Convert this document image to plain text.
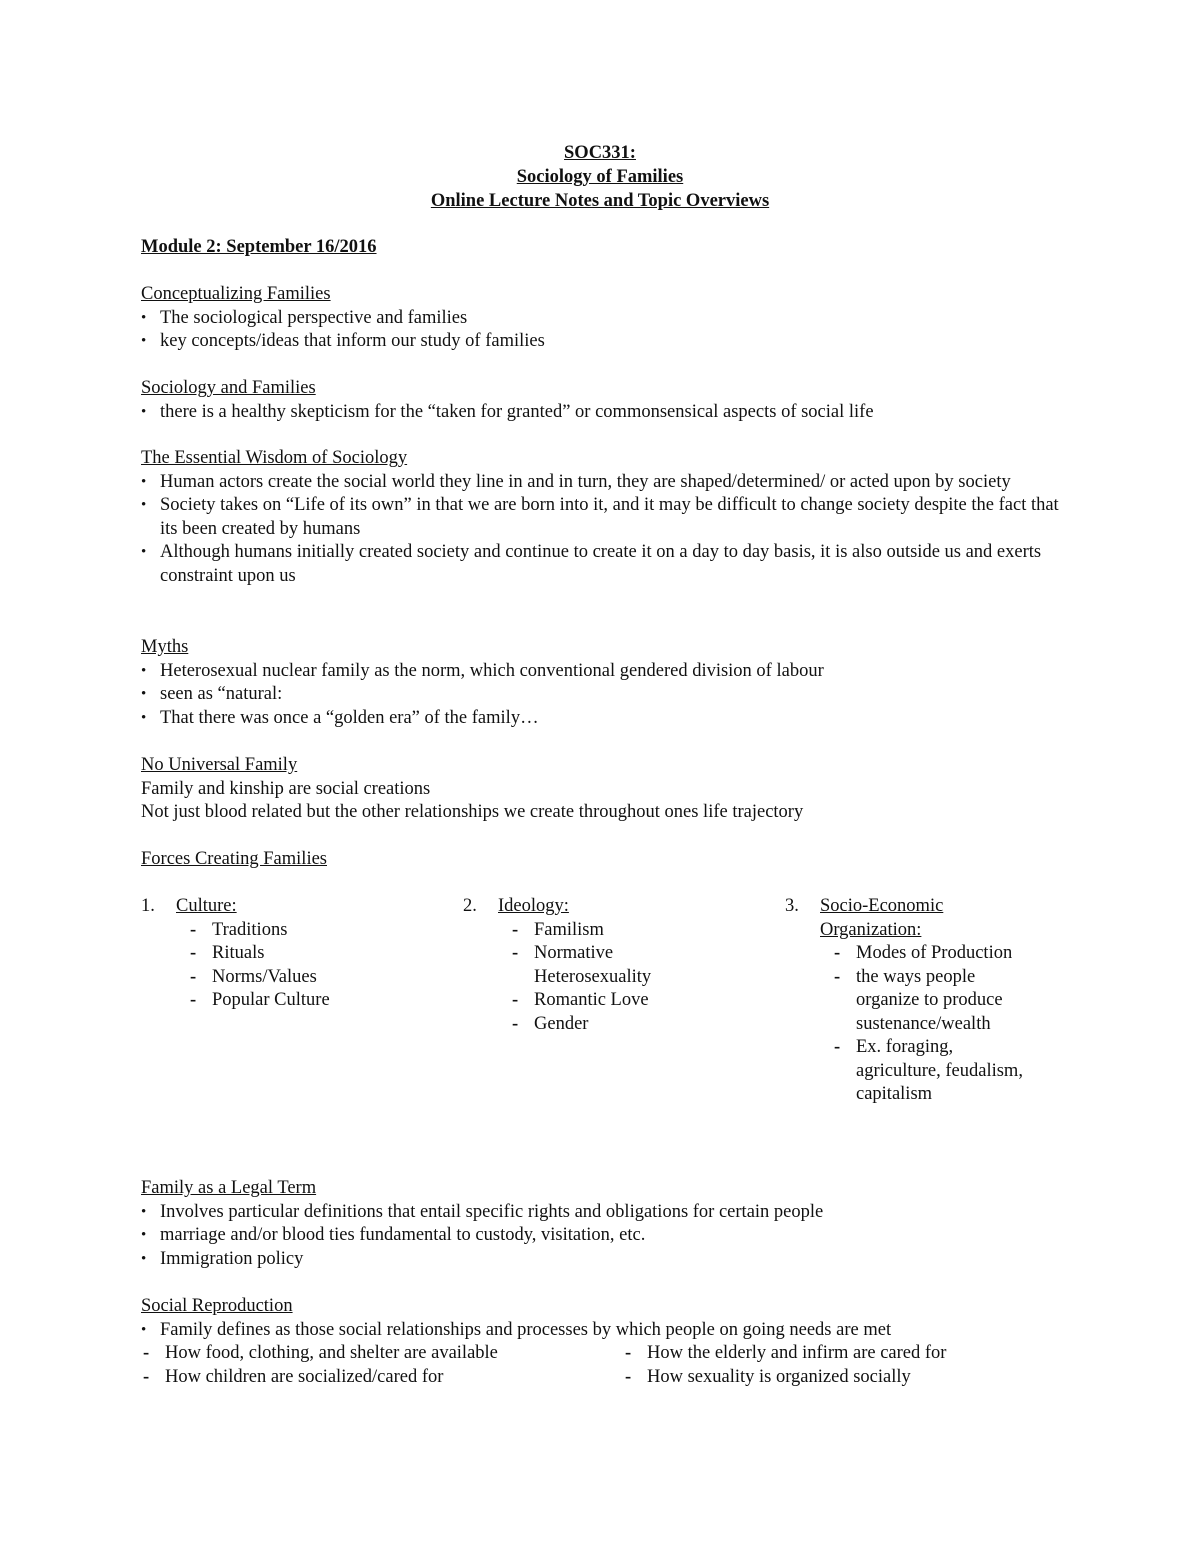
SOC331:
Sociology of Families
Online Lecture Notes and Topic Overviews
Module 2: September 16/2016
Conceptualizing Families
• The sociological perspective and families
• key concepts/ideas that inform our study of families
Sociology and Families
• there is a healthy skepticism for the “taken for granted” or commonsensical aspects of social life
The Essential Wisdom of Sociology
• Human actors create the social world they line in and in turn, they are shaped/determined/ or acted upon by society
• Society takes on “Life of its own” in that we are born into it, and it may be difficult to change society despite the fact that its been created by humans
• Although humans initially created society and continue to create it on a day to day basis, it is also outside us and exerts constraint upon us
Myths
• Heterosexual nuclear family as the norm, which conventional gendered division of labour
• seen as “natural:
• That there was once a “golden era” of the family…
No Universal Family
Family and kinship are social creations
Not just blood related but the other relationships we create throughout ones life trajectory
Forces Creating Families
1. Culture:
- Traditions
- Rituals
- Norms/Values
- Popular Culture
2. Ideology:
- Familism
- Normative Heterosexuality
- Romantic Love
- Gender
3. Socio-Economic Organization:
- Modes of Production
- the ways people organize to produce sustenance/wealth
- Ex. foraging, agriculture, feudalism, capitalism
Family as a Legal Term
• Involves particular definitions that entail specific rights and obligations for certain people
• marriage and/or blood ties fundamental to custody, visitation, etc.
• Immigration policy
Social Reproduction
• Family defines as those social relationships and processes by which people on going needs are met
- How food, clothing, and shelter are available
- How children are socialized/cared for
- How the elderly and infirm are cared for
- How sexuality is organized socially
